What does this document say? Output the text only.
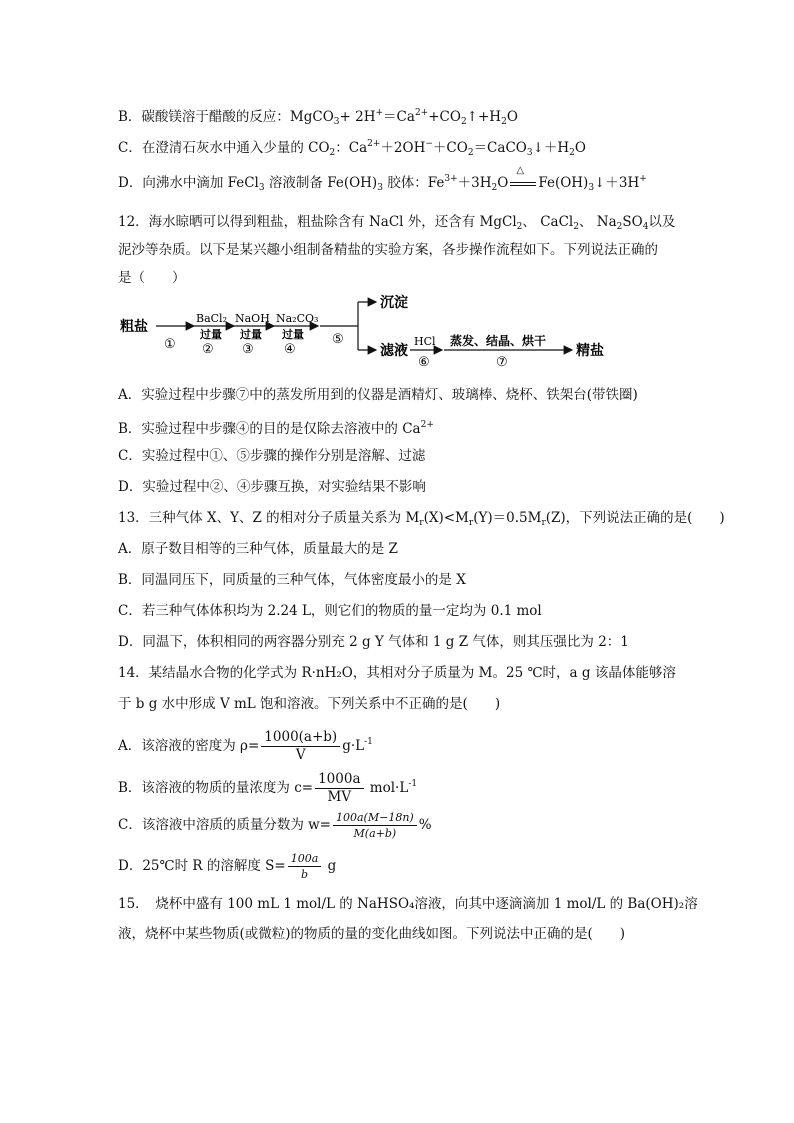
B．碳酸镁溶于醋酸的反应：MgCO$_3$+ $2H^+=Ca^{2+}+CO_2↑+H_2O$
C．在澄清石灰水中通入少量的 $CO_2$：$Ca^{2+}+2OH^-+CO_2=CaCO_3↓+H_2O$
D．向沸水中滴加 FeCl$_3$ 溶液制备 $Fe(OH)_3$ 胶体：$Fe^{3+}+3H_2O$
△
$Fe(OH)_3↓+3H^+$
12．海水晾晒可以得到粗盐，粗盐除含有 NaCl 外，还含有 MgCl$_2$、 CaCl$_2$、 $Na_2SO_4$以及
泥沙等杂质。以下是某兴趣小组制备精盐的实验方案，各步操作流程如下。下列说法正确的
是（　　）
粗盐
①
BaCl₂
过量
②
NaOH
过量
③
Na₂CO₃
过量
④
⑤
沉淀
滤液
HCl
⑥
蒸发、结晶、烘干
⑦
精盐
A．实验过程中步骤⑦中的蒸发所用到的仪器是酒精灯、玻璃棒、烧杯、铁架台(带铁圈)
B．实验过程中步骤④的目的是仅除去溶液中的 $Ca^{2+}$
C．实验过程中①、⑤步骤的操作分别是溶解、过滤
D．实验过程中②、④步骤互换，对实验结果不影响
13．三种气体 X、Y、Z 的相对分子质量关系为 $M_r(X)<M_r(Y)=0.5M_r(Z)$，下列说法正确的是(　　)
A．原子数目相等的三种气体，质量最大的是 Z
B．同温同压下，同质量的三种气体，气体密度最小的是 X
C．若三种气体体积均为 2.24 L，则它们的物质的量一定均为 0.1 mol
D．同温下，体积相同的两容器分别充 2 g Y 气体和 1 g Z 气体，则其压强比为 2：1
14．某结晶水合物的化学式为 R·nH₂O，其相对分子质量为 M。25 ℃时，a g 该晶体能够溶
于 b g 水中形成 V mL 饱和溶液。下列关系中不正确的是(　　)
A．该溶液的密度为 $\rho= \frac{1000(a+b)}{V} g\cdot L^{-1}$
B．该溶液的物质的量浓度为 $c= \frac{1000a}{MV} mol\cdot L^{-1}$
C．该溶液中溶质的质量分数为 $w= \frac{100a(M-18n)}{M(a+b)}$ %
D．25℃时 R 的溶解度 $S= \frac{100a}{b}$ g
15．　烧杯中盛有 100 mL 1 mol/L 的 NaHSO₄溶液，向其中逐滴滴加 1 mol/L 的 Ba(OH)₂溶
液，烧杯中某些物质(或微粒)的物质的量的变化曲线如图。下列说法中正确的是(　　)
